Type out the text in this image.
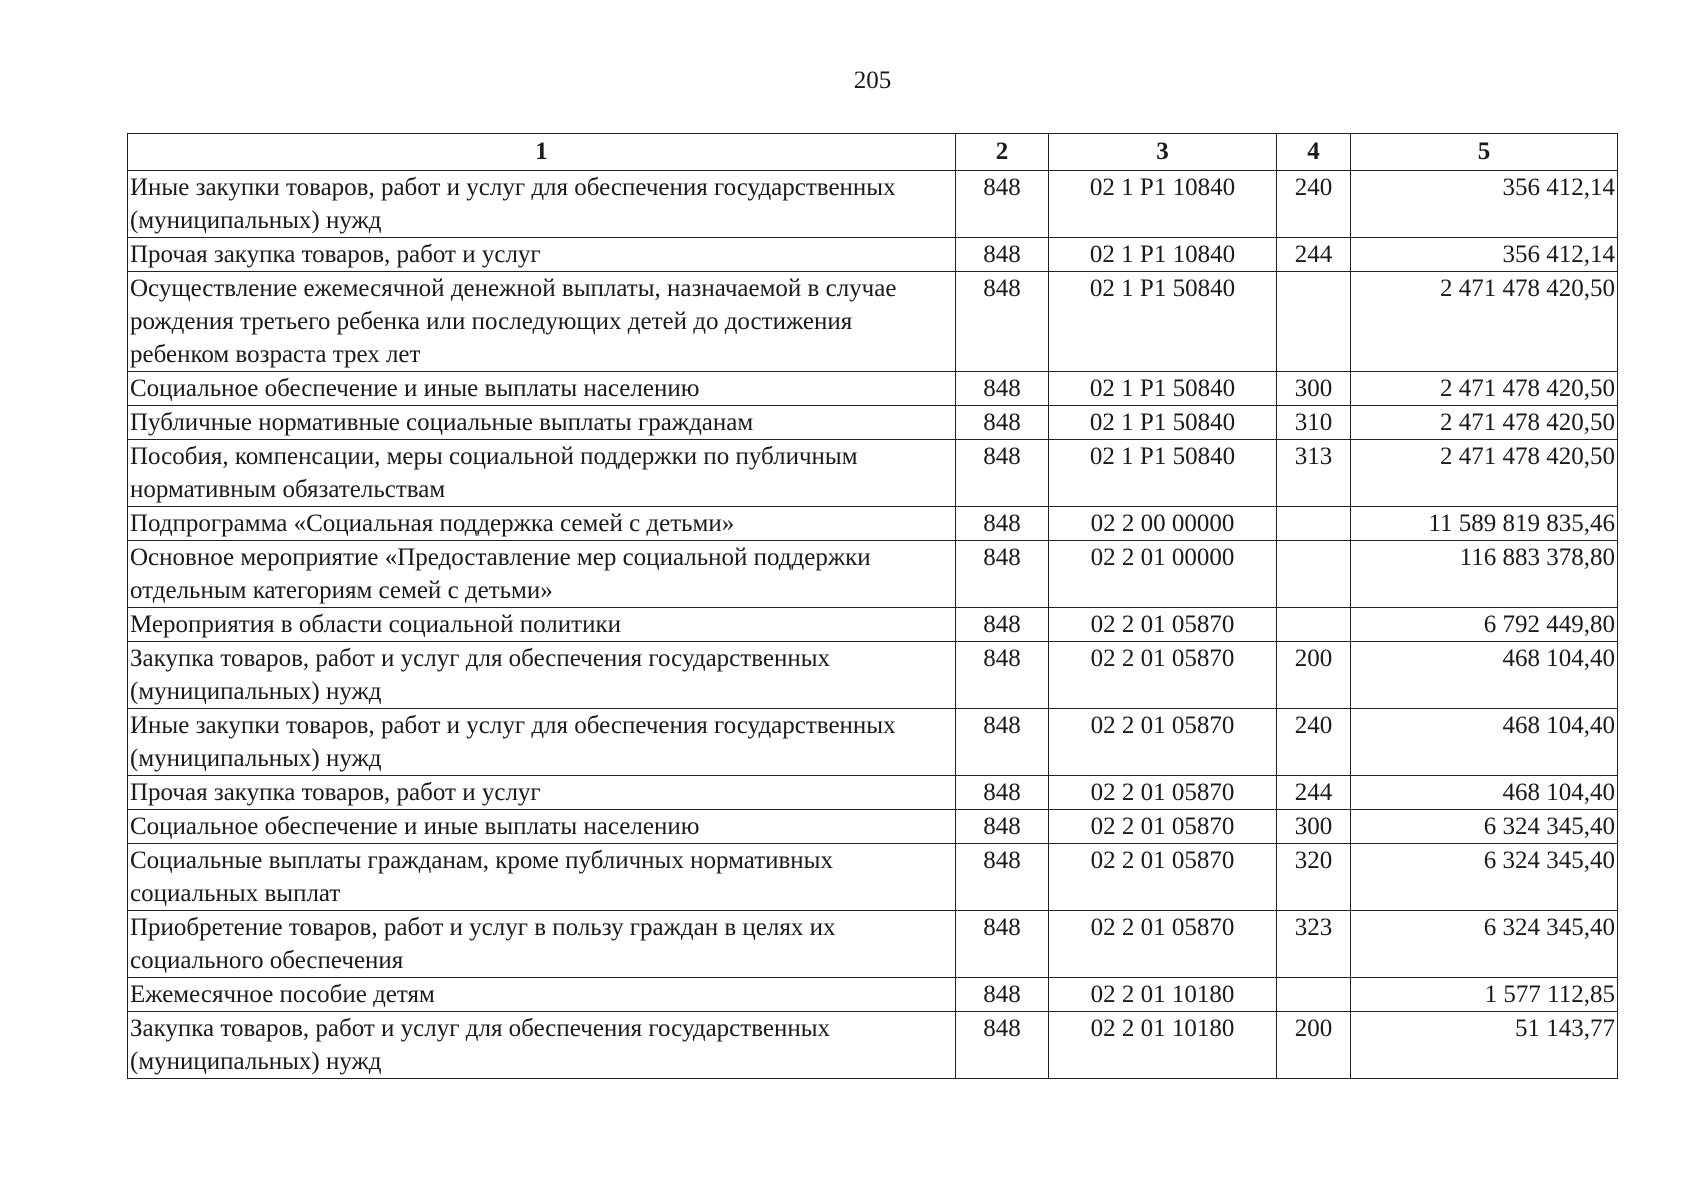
205
1	2	3	4	5
Иные закупки товаров, работ и услуг для обеспечения государственных (муниципальных) нужд	848	02 1 P1 10840	240	356 412,14
Прочая закупка товаров, работ и услуг	848	02 1 P1 10840	244	356 412,14
Осуществление ежемесячной денежной выплаты, назначаемой в случае рождения третьего ребенка или последующих детей до достижения ребенком возраста трех лет	848	02 1 P1 50840		2 471 478 420,50
Социальное обеспечение и иные выплаты населению	848	02 1 P1 50840	300	2 471 478 420,50
Публичные нормативные социальные выплаты гражданам	848	02 1 P1 50840	310	2 471 478 420,50
Пособия, компенсации, меры социальной поддержки по публичным нормативным обязательствам	848	02 1 P1 50840	313	2 471 478 420,50
Подпрограмма «Социальная поддержка семей с детьми»	848	02 2 00 00000		11 589 819 835,46
Основное мероприятие «Предоставление мер социальной поддержки отдельным категориям семей с детьми»	848	02 2 01 00000		116 883 378,80
Мероприятия в области социальной политики	848	02 2 01 05870		6 792 449,80
Закупка товаров, работ и услуг для обеспечения государственных (муниципальных) нужд	848	02 2 01 05870	200	468 104,40
Иные закупки товаров, работ и услуг для обеспечения государственных (муниципальных) нужд	848	02 2 01 05870	240	468 104,40
Прочая закупка товаров, работ и услуг	848	02 2 01 05870	244	468 104,40
Социальное обеспечение и иные выплаты населению	848	02 2 01 05870	300	6 324 345,40
Социальные выплаты гражданам, кроме публичных нормативных социальных выплат	848	02 2 01 05870	320	6 324 345,40
Приобретение товаров, работ и услуг в пользу граждан в целях их социального обеспечения	848	02 2 01 05870	323	6 324 345,40
Ежемесячное пособие детям	848	02 2 01 10180		1 577 112,85
Закупка товаров, работ и услуг для обеспечения государственных (муниципальных) нужд	848	02 2 01 10180	200	51 143,77
